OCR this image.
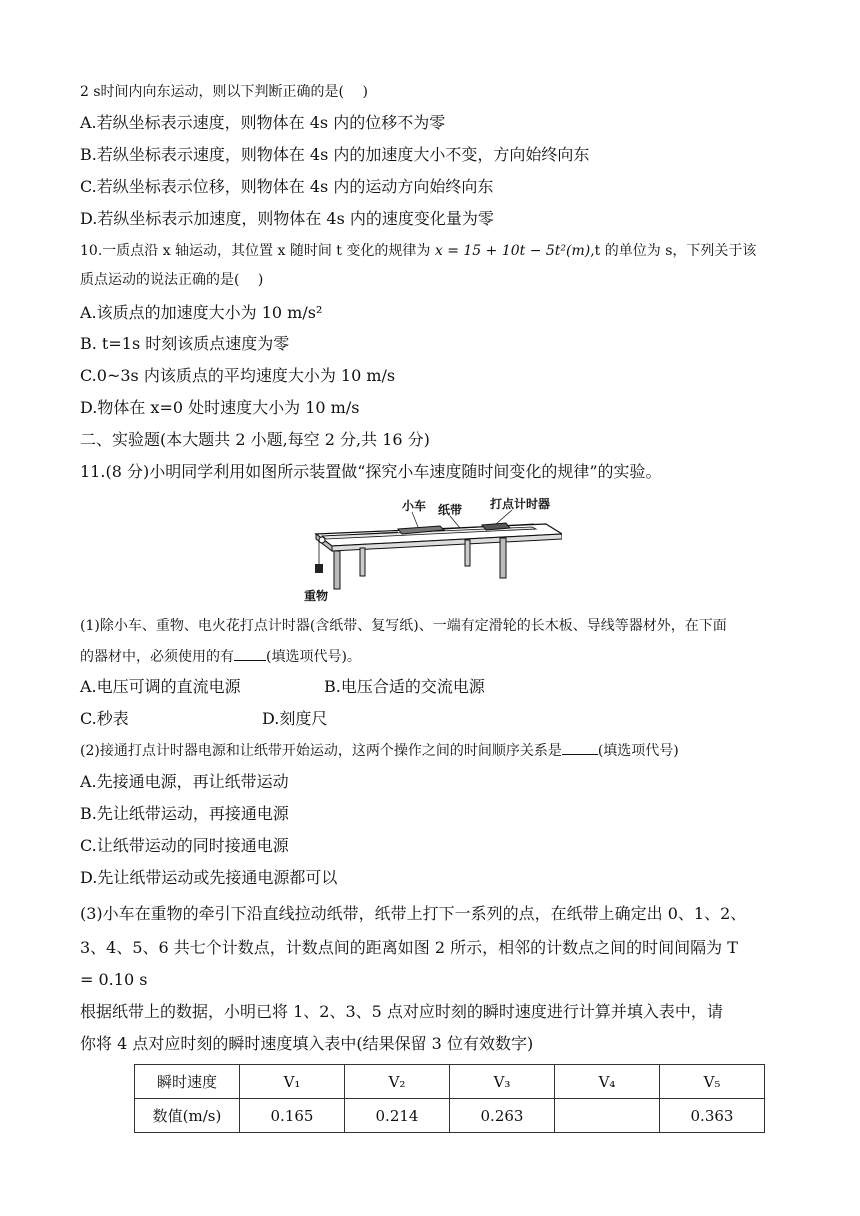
2 s时间内向东运动，则以下判断正确的是(　 )
A.若纵坐标表示速度，则物体在 4s 内的位移不为零
B.若纵坐标表示速度，则物体在 4s 内的加速度大小不变，方向始终向东
C.若纵坐标表示位移，则物体在 4s 内的运动方向始终向东
D.若纵坐标表示加速度，则物体在 4s 内的速度变化量为零
10.一质点沿 x 轴运动，其位置 x 随时间 t 变化的规律为 x = 15 + 10t − 5t²(m),t 的单位为 s，下列关于该
质点运动的说法正确的是(　 )
A.该质点的加速度大小为 10 m/s²
B. t=1s 时刻该质点速度为零
C.0~3s 内该质点的平均速度大小为 10 m/s
D.物体在 x=0 处时速度大小为 10 m/s
二、实验题(本大题共 2 小题,每空 2 分,共 16 分)
11.(8 分)小明同学利用如图所示装置做“探究小车速度随时间变化的规律”的实验。
小车 纸带 打点计时器
重物
(1)除小车、重物、电火花打点计时器(含纸带、复写纸)、一端有定滑轮的长木板、导线等器材外，在下面
的器材中，必须使用的有 (填选项代号)。
A.电压可调的直流电源	B.电压合适的交流电源
C.秒表	D.刻度尺
(2)接通打点计时器电源和让纸带开始运动，这两个操作之间的时间顺序关系是	(填选项代号)
A.先接通电源，再让纸带运动
B.先让纸带运动，再接通电源
C.让纸带运动的同时接通电源
D.先让纸带运动或先接通电源都可以
(3)小车在重物的牵引下沿直线拉动纸带，纸带上打下一系列的点，在纸带上确定出 0、1、2、
3、4、5、6 共七个计数点，计数点间的距离如图 2 所示，相邻的计数点之间的时间间隔为 T
= 0.10 s
根据纸带上的数据，小明已将 1、2、3、5 点对应时刻的瞬时速度进行计算并填入表中，请
你将 4 点对应时刻的瞬时速度填入表中(结果保留 3 位有效数字)
瞬时速度	V₁	V₂	V₃	V₄	V₅
数值(m/s)	0.165	0.214	0.263		0.363
